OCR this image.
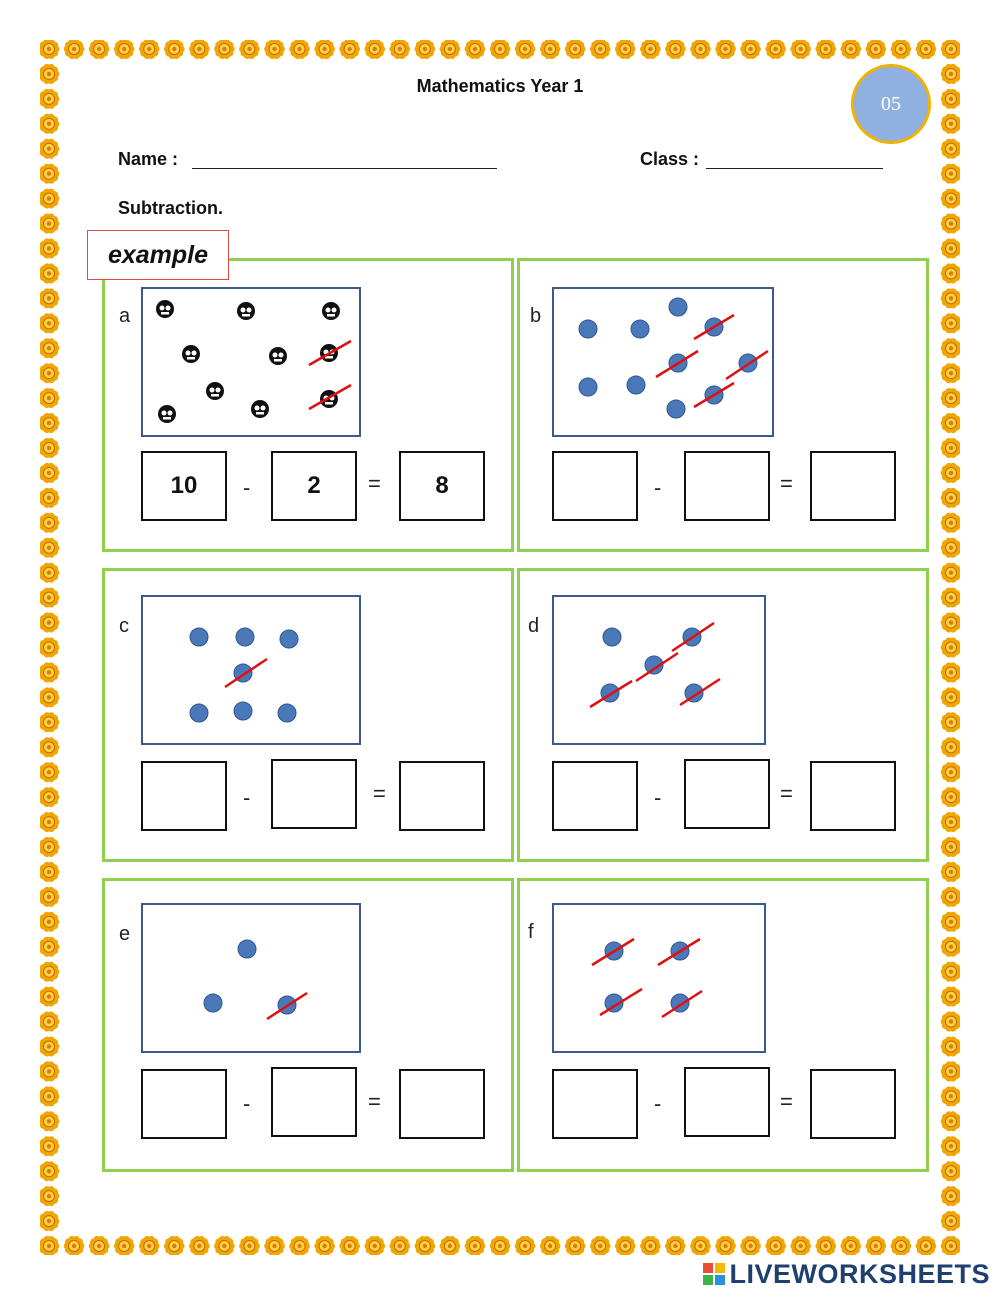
Mathematics Year 1
05
Name :	Class :
Subtraction.
example
a
10	-	2	=	8
b
-	=
c
-	=
d
-	=
e
-	=
f
-	=
LIVEWORKSHEETS
